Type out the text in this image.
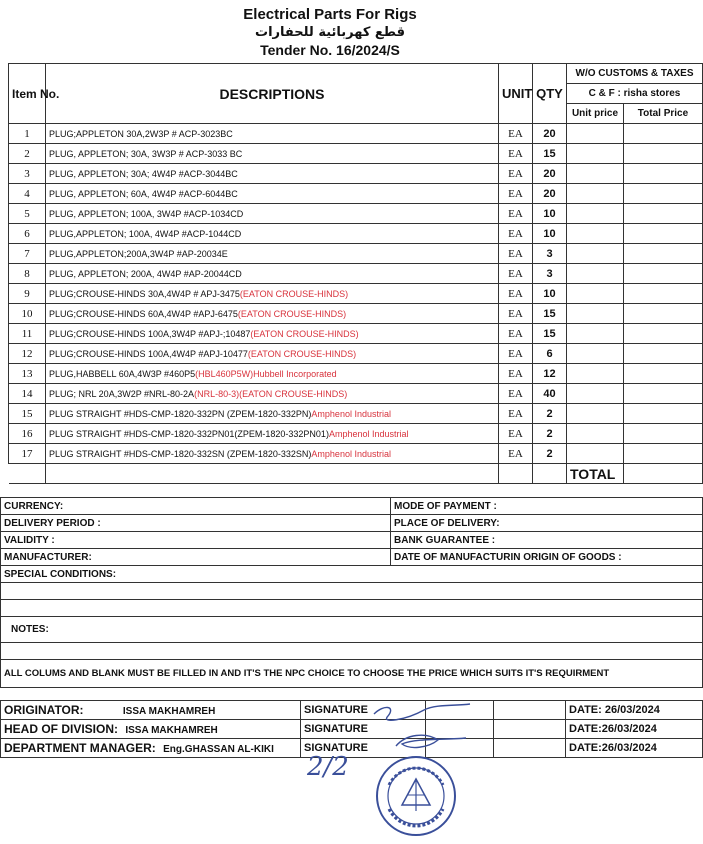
Electrical Parts For Rigs
قطع كهربائية للحفارات
Tender No. 16/2024/S
Item No.	DESCRIPTIONS	UNIT	QTY	W/O CUSTOMS & TAXES	
				C & F : risha stores	
				Unit price	Total Price
1	PLUG;APPLETON 30A,2W3P # ACP-3023BC	EA	20		
2	PLUG, APPLETON; 30A, 3W3P # ACP-3033 BC	EA	15		
3	PLUG, APPLETON; 30A; 4W4P #ACP-3044BC	EA	20		
4	PLUG, APPLETON; 60A, 4W4P #ACP-6044BC	EA	20		
5	PLUG, APPLETON; 100A, 3W4P #ACP-1034CD	EA	10		
6	PLUG,APPLETON; 100A, 4W4P #ACP-1044CD	EA	10		
7	PLUG,APPLETON;200A,3W4P #AP-20034E	EA	3		
8	PLUG, APPLETON; 200A, 4W4P #AP-20044CD	EA	3		
9	PLUG;CROUSE-HINDS 30A,4W4P # APJ-3475(EATON CROUSE-HINDS)	EA	10		
10	PLUG;CROUSE-HINDS 60A,4W4P #APJ-6475(EATON CROUSE-HINDS)	EA	15		
11	PLUG;CROUSE-HINDS 100A,3W4P #APJ-;10487(EATON CROUSE-HINDS)	EA	15		
12	PLUG;CROUSE-HINDS 100A,4W4P #APJ-10477(EATON CROUSE-HINDS)	EA	6		
13	PLUG,HABBELL 60A,4W3P #460P5(HBL460P5W)Hubbell Incorporated	EA	12		
14	PLUG; NRL 20A,3W2P #NRL-80-2A(NRL-80-3)(EATON CROUSE-HINDS)	EA	40		
15	PLUG STRAIGHT #HDS-CMP-1820-332PN (ZPEM-1820-332PN)Amphenol Industrial	EA	2		
16	PLUG STRAIGHT #HDS-CMP-1820-332PN01(ZPEM-1820-332PN01)Amphenol Industrial	EA	2		
17	PLUG STRAIGHT #HDS-CMP-1820-332SN (ZPEM-1820-332SN)Amphenol Industrial	EA	2		
				TOTAL	
CURRENCY:	MODE OF PAYMENT :
DELIVERY PERIOD :	PLACE OF DELIVERY:
VALIDITY :	BANK GUARANTEE :
MANUFACTURER:	DATE OF MANUFACTURIN ORIGIN OF GOODS :
SPECIAL CONDITIONS:	

NOTES:	

ALL COLUMS AND BLANK MUST BE FILLED IN AND IT'S THE NPC CHOICE TO CHOOSE THE PRICE WHICH SUITS IT'S REQUIRMENT	
ORIGINATOR: ISSA MAKHAMREH	SIGNATURE			DATE: 26/03/2024
HEAD OF DIVISION: ISSA MAKHAMREH	SIGNATURE			DATE:26/03/2024
DEPARTMENT MANAGER: Eng.GHASSAN AL-KIKI	SIGNATURE			DATE:26/03/2024
2/2
